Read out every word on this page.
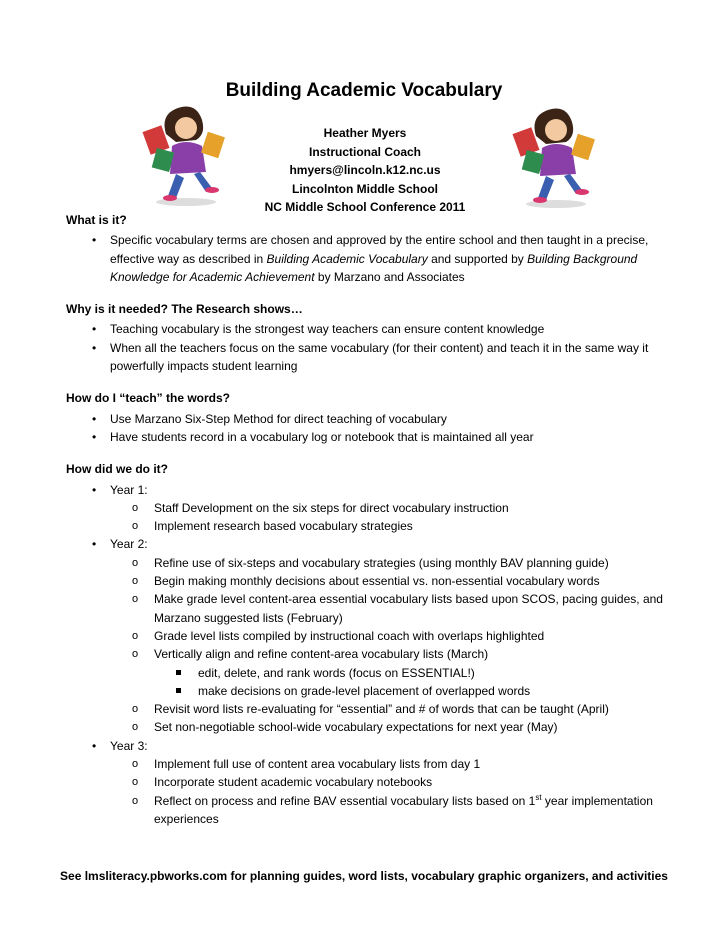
Building Academic Vocabulary
Heather Myers
Instructional Coach
hmyers@lincoln.k12.nc.us
Lincolnton Middle School
NC Middle School Conference 2011
What is it?
• Specific vocabulary terms are chosen and approved by the entire school and then taught in a precise, effective way as described in Building Academic Vocabulary and supported by Building Background Knowledge for Academic Achievement by Marzano and Associates
Why is it needed? The Research shows…
• Teaching vocabulary is the strongest way teachers can ensure content knowledge
• When all the teachers focus on the same vocabulary (for their content) and teach it in the same way it powerfully impacts student learning
How do I “teach” the words?
• Use Marzano Six-Step Method for direct teaching of vocabulary
• Have students record in a vocabulary log or notebook that is maintained all year
How did we do it?
• Year 1:
o Staff Development on the six steps for direct vocabulary instruction
o Implement research based vocabulary strategies
• Year 2:
o Refine use of six-steps and vocabulary strategies (using monthly BAV planning guide)
o Begin making monthly decisions about essential vs. non-essential vocabulary words
o Make grade level content-area essential vocabulary lists based upon SCOS, pacing guides, and Marzano suggested lists (February)
o Grade level lists compiled by instructional coach with overlaps highlighted
o Vertically align and refine content-area vocabulary lists (March)
edit, delete, and rank words (focus on ESSENTIAL!)
make decisions on grade-level placement of overlapped words
o Revisit word lists re-evaluating for “essential” and # of words that can be taught (April)
o Set non-negotiable school-wide vocabulary expectations for next year (May)
• Year 3:
o Implement full use of content area vocabulary lists from day 1
o Incorporate student academic vocabulary notebooks
o Reflect on process and refine BAV essential vocabulary lists based on 1st year implementation experiences
See lmsliteracy.pbworks.com for planning guides, word lists, vocabulary graphic organizers, and activities
